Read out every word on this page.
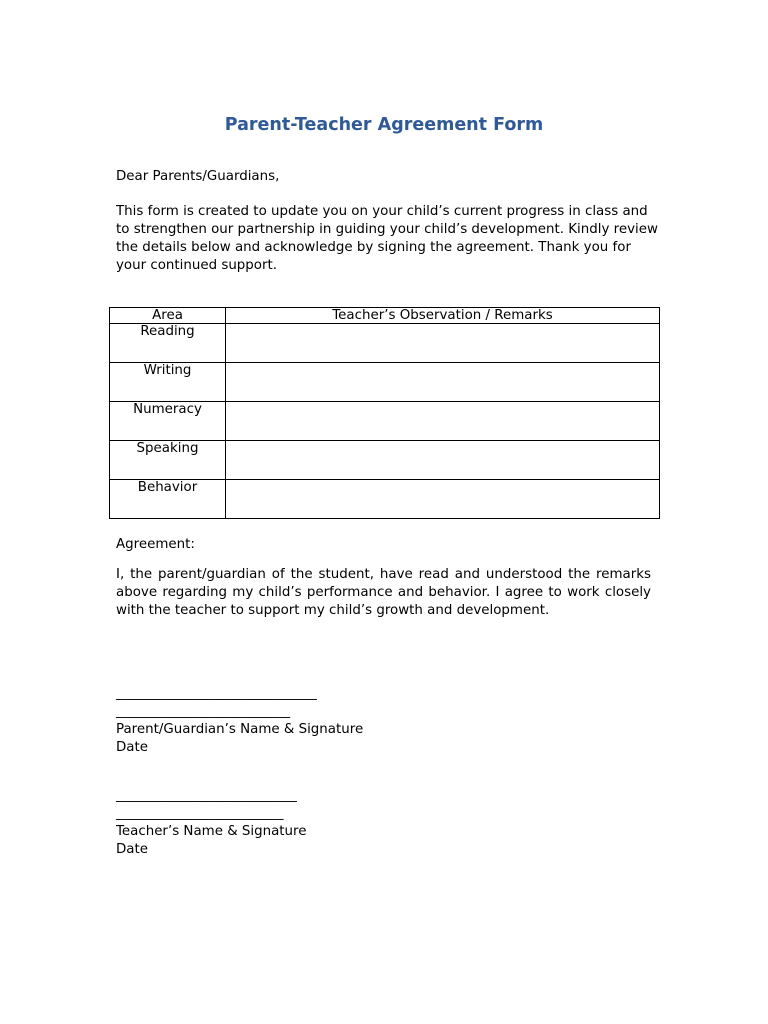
Parent-Teacher Agreement Form
Dear Parents/Guardians,

This form is created to update you on your child’s current progress in class and to strengthen our partnership in guiding your child’s development. Kindly review the details below and acknowledge by signing the agreement. Thank you for your continued support.

Area	Teacher’s Observation / Remarks
Reading	
Writing	
Numeracy	
Speaking	
Behavior	
Agreement:

I, the parent/guardian of the student, have read and understood the remarks above regarding my child’s performance and behavior. I agree to work closely with the teacher to support my child’s growth and development.

______________________________
__________________________
Parent/Guardian’s Name & Signature
Date
___________________________
_________________________
Teacher’s Name & Signature
Date
